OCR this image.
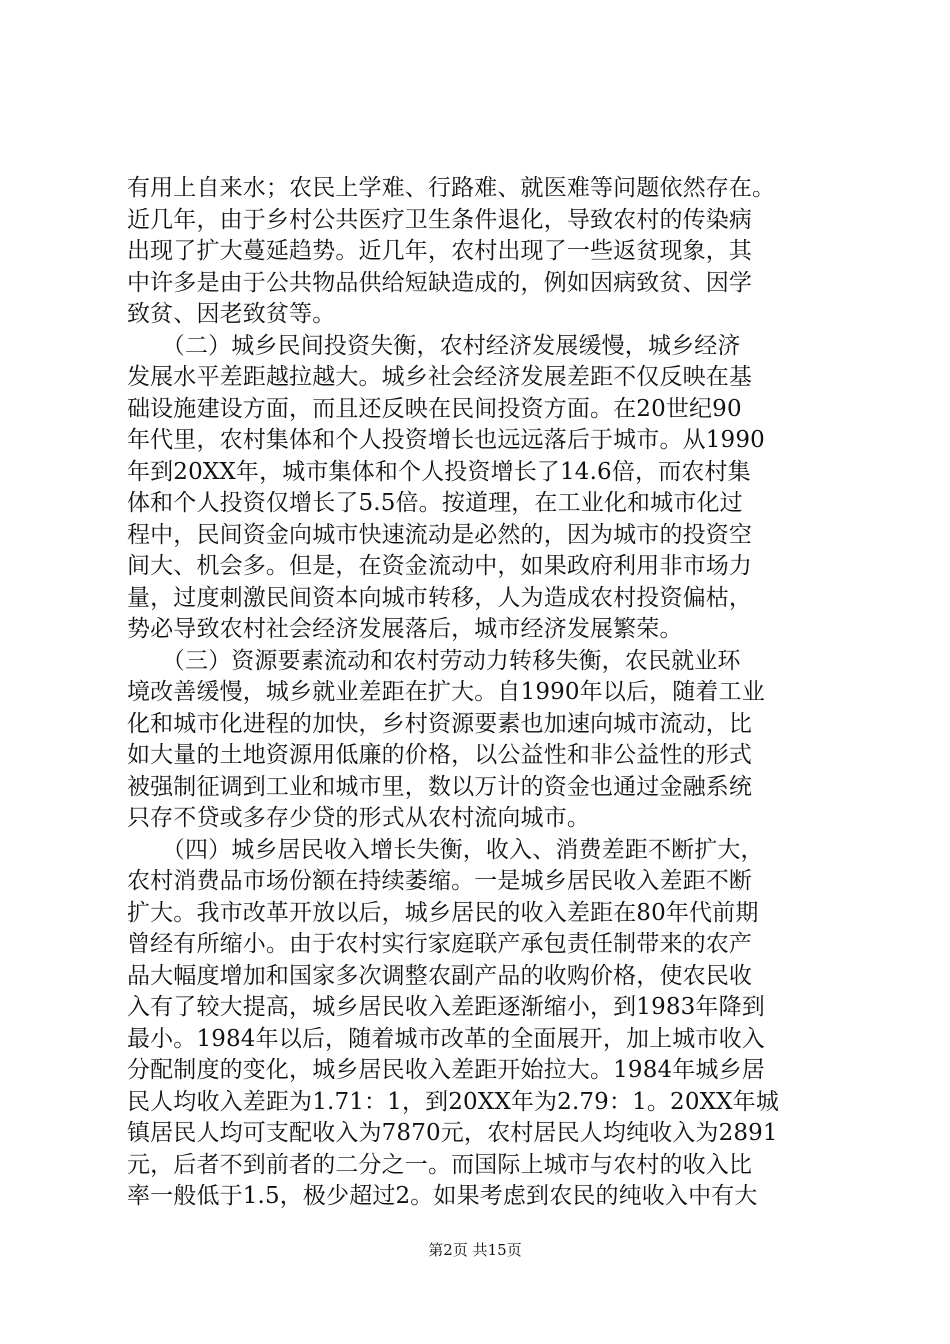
有用上自来水；农民上学难、行路难、就医难等问题依然存在。
近几年，由于乡村公共医疗卫生条件退化，导致农村的传染病
出现了扩大蔓延趋势。近几年，农村出现了一些返贫现象，其
中许多是由于公共物品供给短缺造成的，例如因病致贫、因学
致贫、因老致贫等。
　　（二）城乡民间投资失衡，农村经济发展缓慢，城乡经济
发展水平差距越拉越大。城乡社会经济发展差距不仅反映在基
础设施建设方面，而且还反映在民间投资方面。在20世纪90
年代里，农村集体和个人投资增长也远远落后于城市。从1990
年到20XX年，城市集体和个人投资增长了14.6倍，而农村集
体和个人投资仅增长了5.5倍。按道理，在工业化和城市化过
程中，民间资金向城市快速流动是必然的，因为城市的投资空
间大、机会多。但是，在资金流动中，如果政府利用非市场力
量，过度刺激民间资本向城市转移，人为造成农村投资偏枯，
势必导致农村社会经济发展落后，城市经济发展繁荣。
　　（三）资源要素流动和农村劳动力转移失衡，农民就业环
境改善缓慢，城乡就业差距在扩大。自1990年以后，随着工业
化和城市化进程的加快，乡村资源要素也加速向城市流动，比
如大量的土地资源用低廉的价格，以公益性和非公益性的形式
被强制征调到工业和城市里，数以万计的资金也通过金融系统
只存不贷或多存少贷的形式从农村流向城市。
　　（四）城乡居民收入增长失衡，收入、消费差距不断扩大，
农村消费品市场份额在持续萎缩。一是城乡居民收入差距不断
扩大。我市改革开放以后，城乡居民的收入差距在80年代前期
曾经有所缩小。由于农村实行家庭联产承包责任制带来的农产
品大幅度增加和国家多次调整农副产品的收购价格，使农民收
入有了较大提高，城乡居民收入差距逐渐缩小，到1983年降到
最小。1984年以后，随着城市改革的全面展开，加上城市收入
分配制度的变化，城乡居民收入差距开始拉大。1984年城乡居
民人均收入差距为1.71：1，到20XX年为2.79：1。20XX年城
镇居民人均可支配收入为7870元，农村居民人均纯收入为2891
元，后者不到前者的二分之一。而国际上城市与农村的收入比
率一般低于1.5，极少超过2。如果考虑到农民的纯收入中有大
第2页 共15页
